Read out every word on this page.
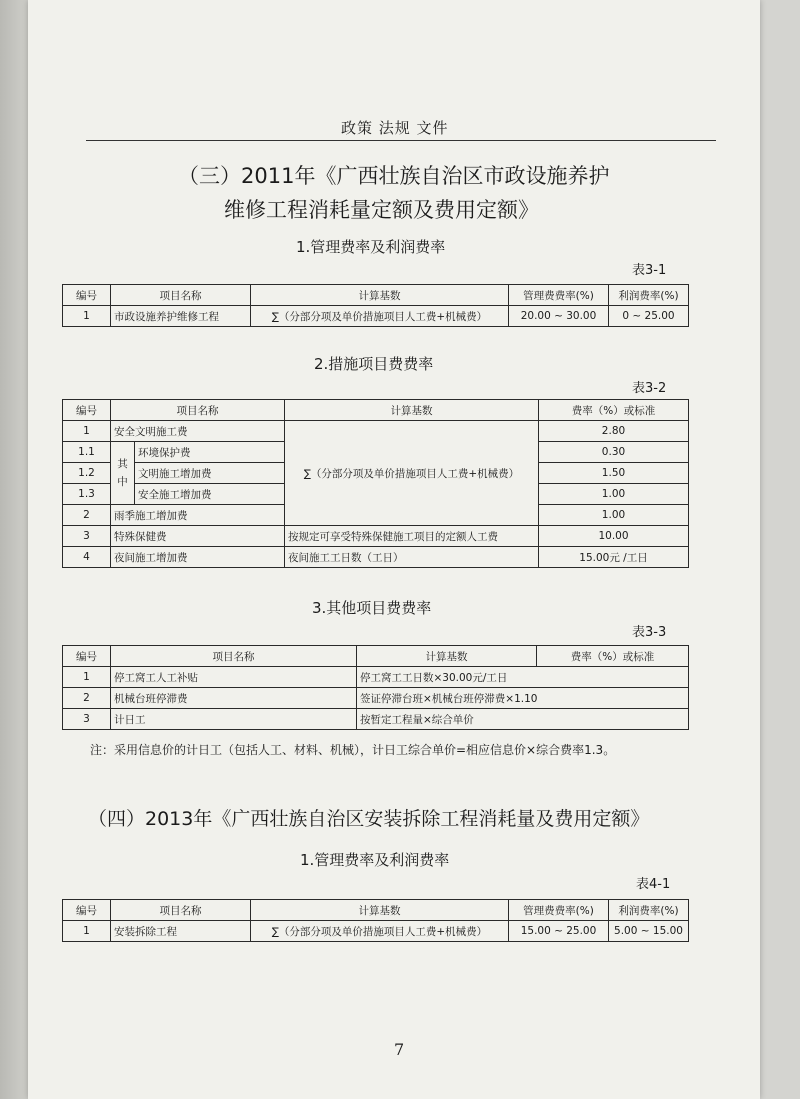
政策 法规 文件
（三）2011年《广西壮族自治区市政设施养护
维修工程消耗量定额及费用定额》
1.管理费率及利润费率
表3-1
编号	项目名称	计算基数	管理费费率(%)	利润费率(%)
1	市政设施养护维修工程	∑（分部分项及单价措施项目人工费+机械费）	20.00 ~ 30.00	0 ~ 25.00
2.措施项目费费率
表3-2
编号	项目名称		计算基数	费率（%）或标准
1	安全文明施工费		∑（分部分项及单价措施项目人工费+机械费）	2.80
1.1	其中	环境保护费		0.30
1.2		文明施工增加费		1.50
1.3		安全施工增加费		1.00
2	雨季施工增加费			1.00
3	特殊保健费		按规定可享受特殊保健施工项目的定额人工费	10.00
4	夜间施工增加费		夜间施工工日数（工日）	15.00元 /工日
3.其他项目费费率
表3-3
编号	项目名称	计算基数	费率（%）或标准
1	停工窝工人工补贴	停工窝工工日数×30.00元/工日	
2	机械台班停滞费	签证停滞台班×机械台班停滞费×1.10	
3	计日工	按暂定工程量×综合单价	
注：采用信息价的计日工（包括人工、材料、机械），计日工综合单价=相应信息价×综合费率1.3。
（四）2013年《广西壮族自治区安装拆除工程消耗量及费用定额》
1.管理费率及利润费率
表4-1
编号	项目名称	计算基数	管理费费率(%)	利润费率(%)
1	安装拆除工程	∑（分部分项及单价措施项目人工费+机械费）	15.00 ~ 25.00	5.00 ~ 15.00
7
